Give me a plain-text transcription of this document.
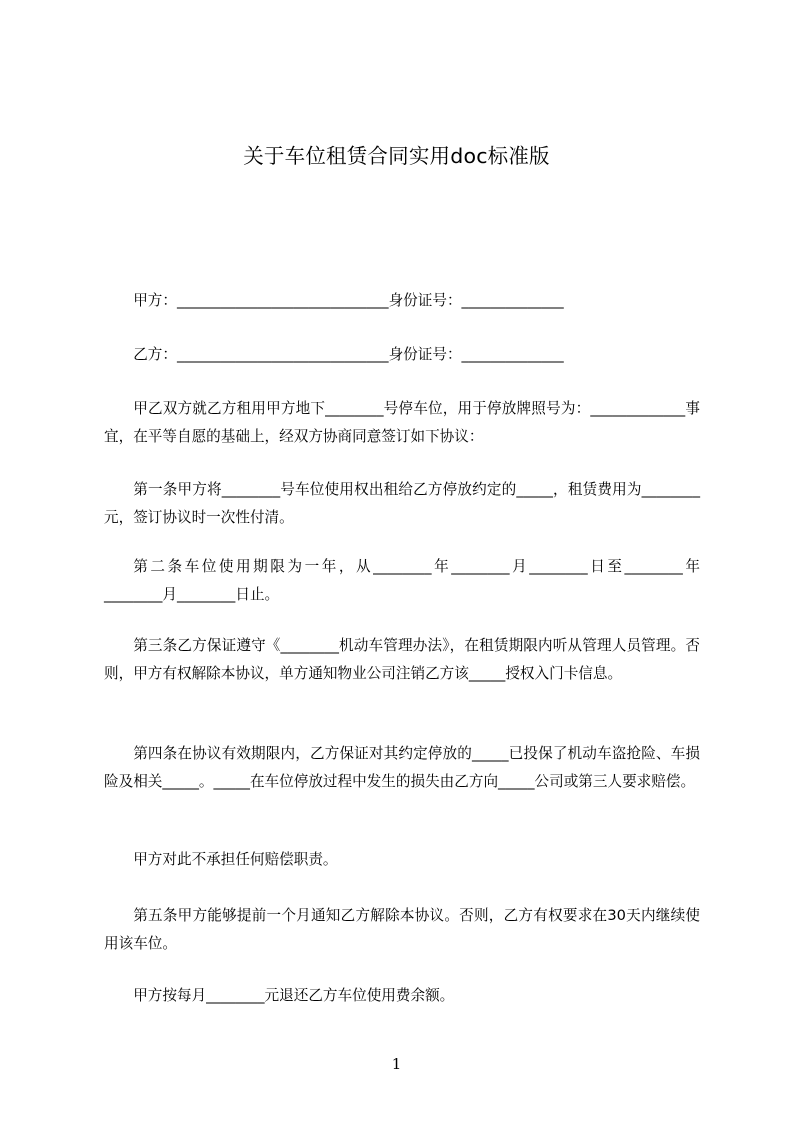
关于车位租赁合同实用doc标准版

甲方：_____________________________身份证号：______________

乙方：_____________________________身份证号：______________

甲乙双方就乙方租用甲方地下________号停车位，用于停放牌照号为：_____________事宜，在平等自愿的基础上，经双方协商同意签订如下协议：

第一条甲方将________号车位使用权出租给乙方停放约定的_____，租赁费用为________元，签订协议时一次性付清。

第二条车位使用期限为一年，从________年________月________日至________年________月________日止。

第三条乙方保证遵守《________机动车管理办法》，在租赁期限内听从管理人员管理。否则，甲方有权解除本协议，单方通知物业公司注销乙方该_____授权入门卡信息。

第四条在协议有效期限内，乙方保证对其约定停放的_____已投保了机动车盗抢险、车损险及相关_____。_____在车位停放过程中发生的损失由乙方向_____公司或第三人要求赔偿。

甲方对此不承担任何赔偿职责。

第五条甲方能够提前一个月通知乙方解除本协议。否则，乙方有权要求在30天内继续使用该车位。

甲方按每月________元退还乙方车位使用费余额。

1
